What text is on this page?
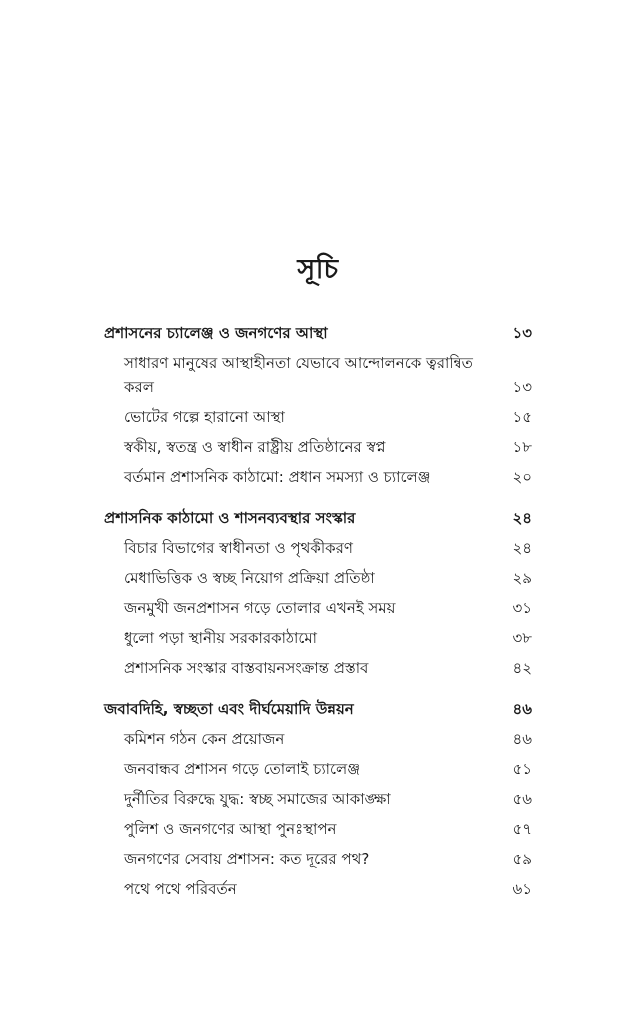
সূচি
প্রশাসনের চ্যালেঞ্জ ও জনগণের আস্থা	১৩
সাধারণ মানুষের আস্থাহীনতা যেভাবে আন্দোলনকে ত্বরান্বিত করল	১৩
ভোটের গল্পে হারানো আস্থা	১৫
স্বকীয়, স্বতন্ত্র ও স্বাধীন রাষ্ট্রীয় প্রতিষ্ঠানের স্বপ্ন	১৮
বর্তমান প্রশাসনিক কাঠামো: প্রধান সমস্যা ও চ্যালেঞ্জ	২০
প্রশাসনিক কাঠামো ও শাসনব্যবস্থার সংস্কার	২৪
বিচার বিভাগের স্বাধীনতা ও পৃথকীকরণ	২৪
মেধাভিত্তিক ও স্বচ্ছ নিয়োগ প্রক্রিয়া প্রতিষ্ঠা	২৯
জনমুখী জনপ্রশাসন গড়ে তোলার এখনই সময়	৩১
ধুলো পড়া স্থানীয় সরকারকাঠামো	৩৮
প্রশাসনিক সংস্কার বাস্তবায়নসংক্রান্ত প্রস্তাব	৪২
জবাবদিহি, স্বচ্ছতা এবং দীর্ঘমেয়াদি উন্নয়ন	৪৬
কমিশন গঠন কেন প্রয়োজন	৪৬
জনবান্ধব প্রশাসন গড়ে তোলাই চ্যালেঞ্জ	৫১
দুর্নীতির বিরুদ্ধে যুদ্ধ: স্বচ্ছ সমাজের আকাঙ্ক্ষা	৫৬
পুলিশ ও জনগণের আস্থা পুনঃস্থাপন	৫৭
জনগণের সেবায় প্রশাসন: কত দূরের পথ?	৫৯
পথে পথে পরিবর্তন	৬১
